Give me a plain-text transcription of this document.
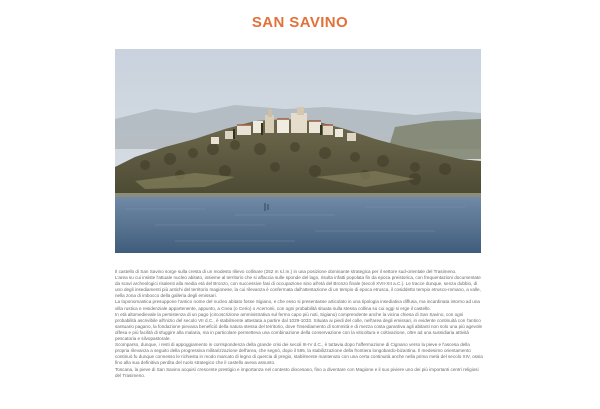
SAN SAVINO

Il castello di San Savino sorge sulla cresta di un modesto rilievo collinare (252 m s.l.m.) in una posizione dominante strategica per il settore sud-orientale del Trasimeno.

L'area su cui insiste l'attuale nucleo abitato, insieme al territorio che si affaccia sulle sponde del lago, risulta infatti popolata fin da epoca preistorica, con frequentazioni documentate da scavi archeologici risalenti alla media età del Bronzo, con successive fasi di occupazione sino all'età del Bronzo finale (secoli XVII-XII a.C.). Le tracce dunque, senza dubbio, di uno degli insediamenti più antichi del territorio magionese, la cui rilevanza è confermata dall'attestazione di un tempio di epoca etrusca, il cosiddetto tempio etrusco-romano, a valle, nella zona di imbocco della galleria degli emissari.

La toponomastica presuppone l'antico nome del nucleo abitato fosse Sigiano, e che esso si presentasse articolato in una tipologia insediativa diffusa, ma incardinata intorno ad una villa rustica e residenziale appartenente, appunto, a Cnea (o Cerio) o Acerronii, con ogni probabilità situata sulla stessa collina su cui oggi si erge il castello.

In età altomedievale la persistenza di un pago (circoscrizione amministrativa sul fermo capo più noti, Sigiano) comprendente anche la vicina chiesa di San Savino, con ogni probabilità ascrivibile all'inizio del secolo VII d.C., è stabilmente attestata a partire dal 1029-1033. Situata ai piedi del colle, nell'area degli emissari, in evidente continuità con l'antico santuario pagano, la fondazione pievana beneficiò della natura stessa del territorio, dove l'insediamento di sommità e di mezza costa garantiva agli abitanti non solo una più agevole difesa e più facilità di sfuggire alla malaria, ma in particolare permetteva una combinazione della conservazione con la viticoltura e coltivazione, oltre ad una sussidiaria attività pescatoria e silvopastorale.

Scomparso, dunque, i resti di appoggiamento in corrispondenza della grande crisi dei secoli III-IV d.C., è tuttavia dopo l'affermazione di Cignano verso la pieve e l'ascesa della propria rilevanza a seguito della progressiva militarizzazione dell'area, che segnò, dopo il 595, la stabilizzazione della frontiera longobardo-bizantina. Il medesimo orientamento continuò fu dunque connesso le richiesta in modo marcato di legno di quercia di pregio, stabilmente mantenuto con una certa continuità anche nella prima metà del secolo XIV, ossia fino alla sua definitiva perdita del ruolo strategico che il castello aveva assunto.

Toscana, la pieve di San Savino acquisì crescente prestigio e importanza nel contesto diocesano, fino a diventare con Magione e il suo piviere uno dei più importanti centri religiosi del Trasimeno.
